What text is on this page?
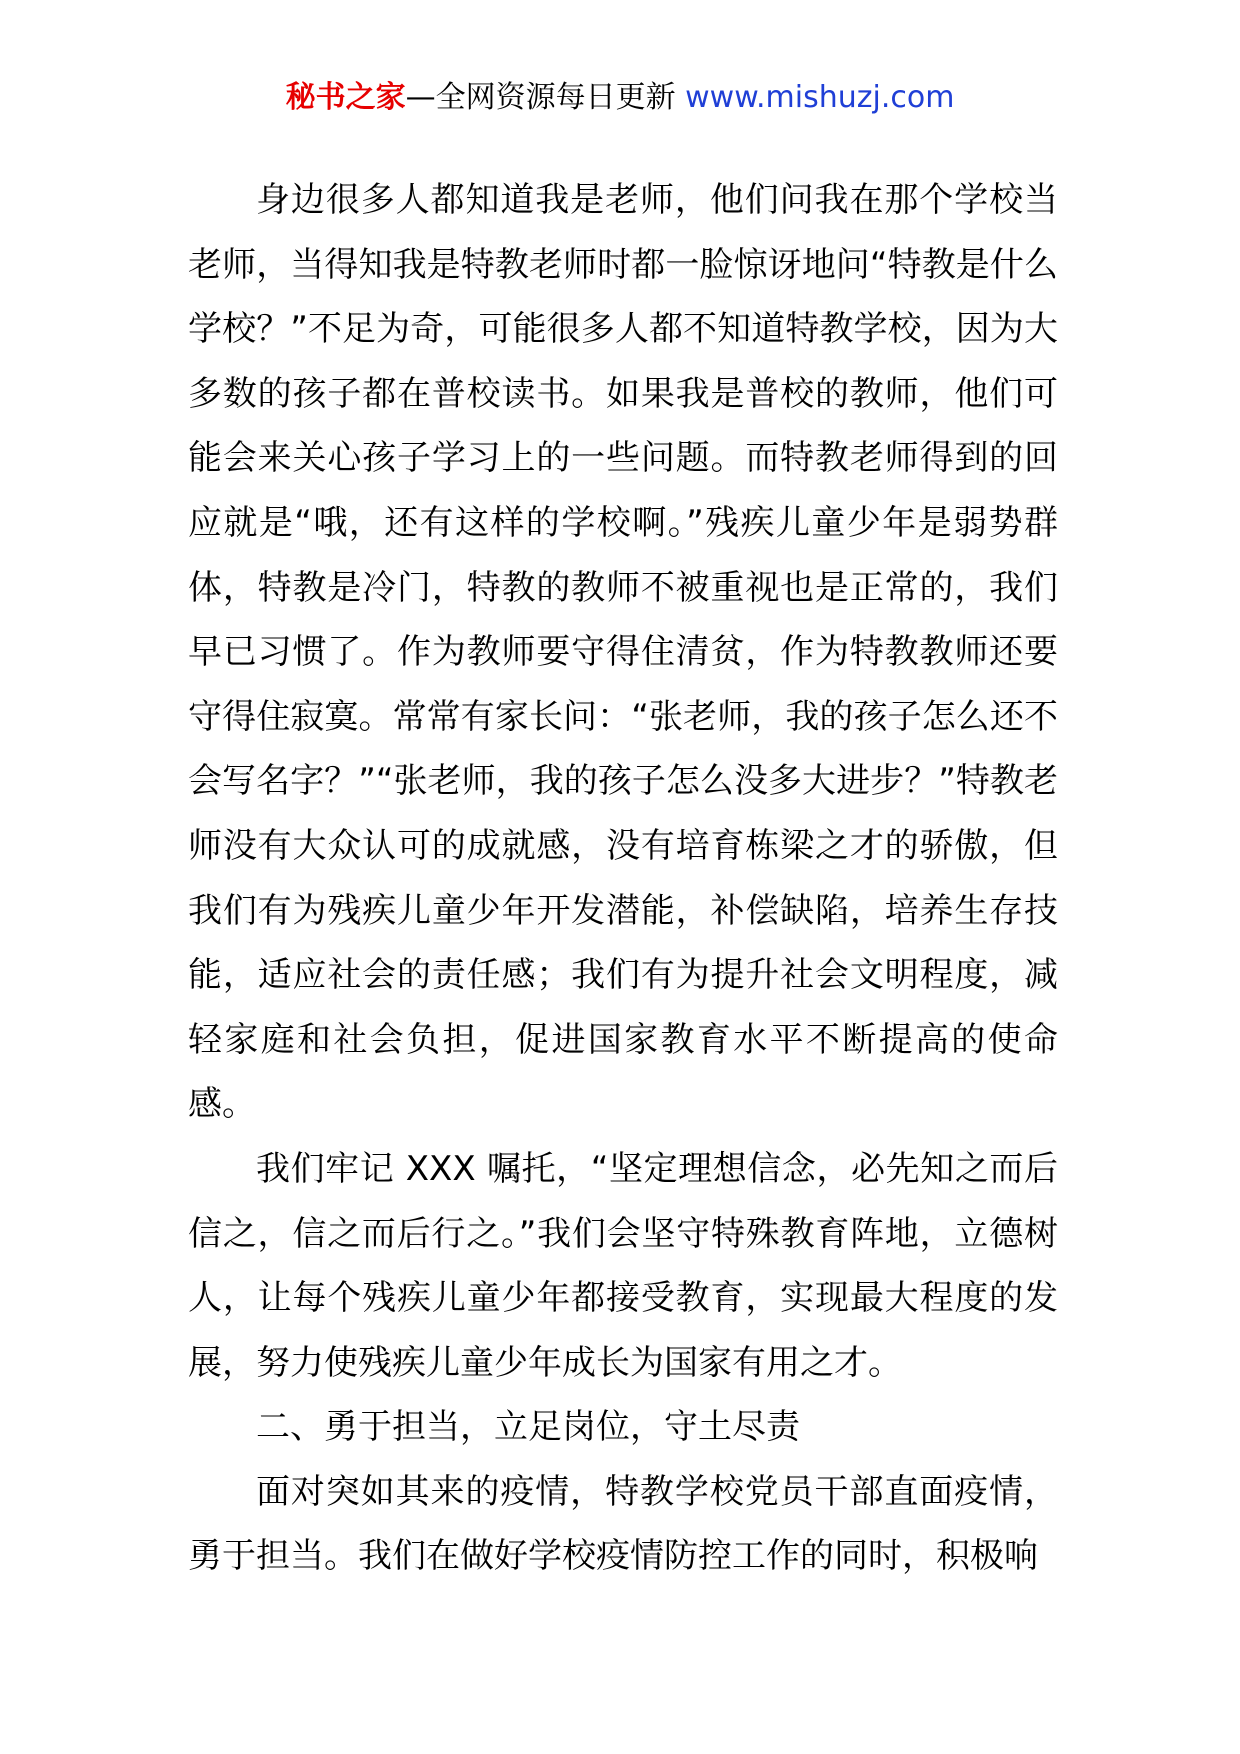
秘书之家—全网资源每日更新 www.mishuzj.com

身边很多人都知道我是老师，他们问我在那个学校当老师，当得知我是特教老师时都一脸惊讶地问“特教是什么学校？”不足为奇，可能很多人都不知道特教学校，因为大多数的孩子都在普校读书。如果我是普校的教师，他们可能会来关心孩子学习上的一些问题。而特教老师得到的回应就是“哦，还有这样的学校啊。”残疾儿童少年是弱势群体，特教是冷门，特教的教师不被重视也是正常的，我们早已习惯了。作为教师要守得住清贫，作为特教教师还要守得住寂寞。常常有家长问：“张老师，我的孩子怎么还不会写名字？”“张老师，我的孩子怎么没多大进步？”特教老师没有大众认可的成就感，没有培育栋梁之才的骄傲，但我们有为残疾儿童少年开发潜能，补偿缺陷，培养生存技能，适应社会的责任感；我们有为提升社会文明程度，减轻家庭和社会负担，促进国家教育水平不断提高的使命感。

我们牢记 XXX 嘱托，“坚定理想信念，必先知之而后信之，信之而后行之。”我们会坚守特殊教育阵地，立德树人，让每个残疾儿童少年都接受教育，实现最大程度的发展，努力使残疾儿童少年成长为国家有用之才。

二、勇于担当，立足岗位，守土尽责

面对突如其来的疫情，特教学校党员干部直面疫情，勇于担当。我们在做好学校疫情防控工作的同时，积极响
